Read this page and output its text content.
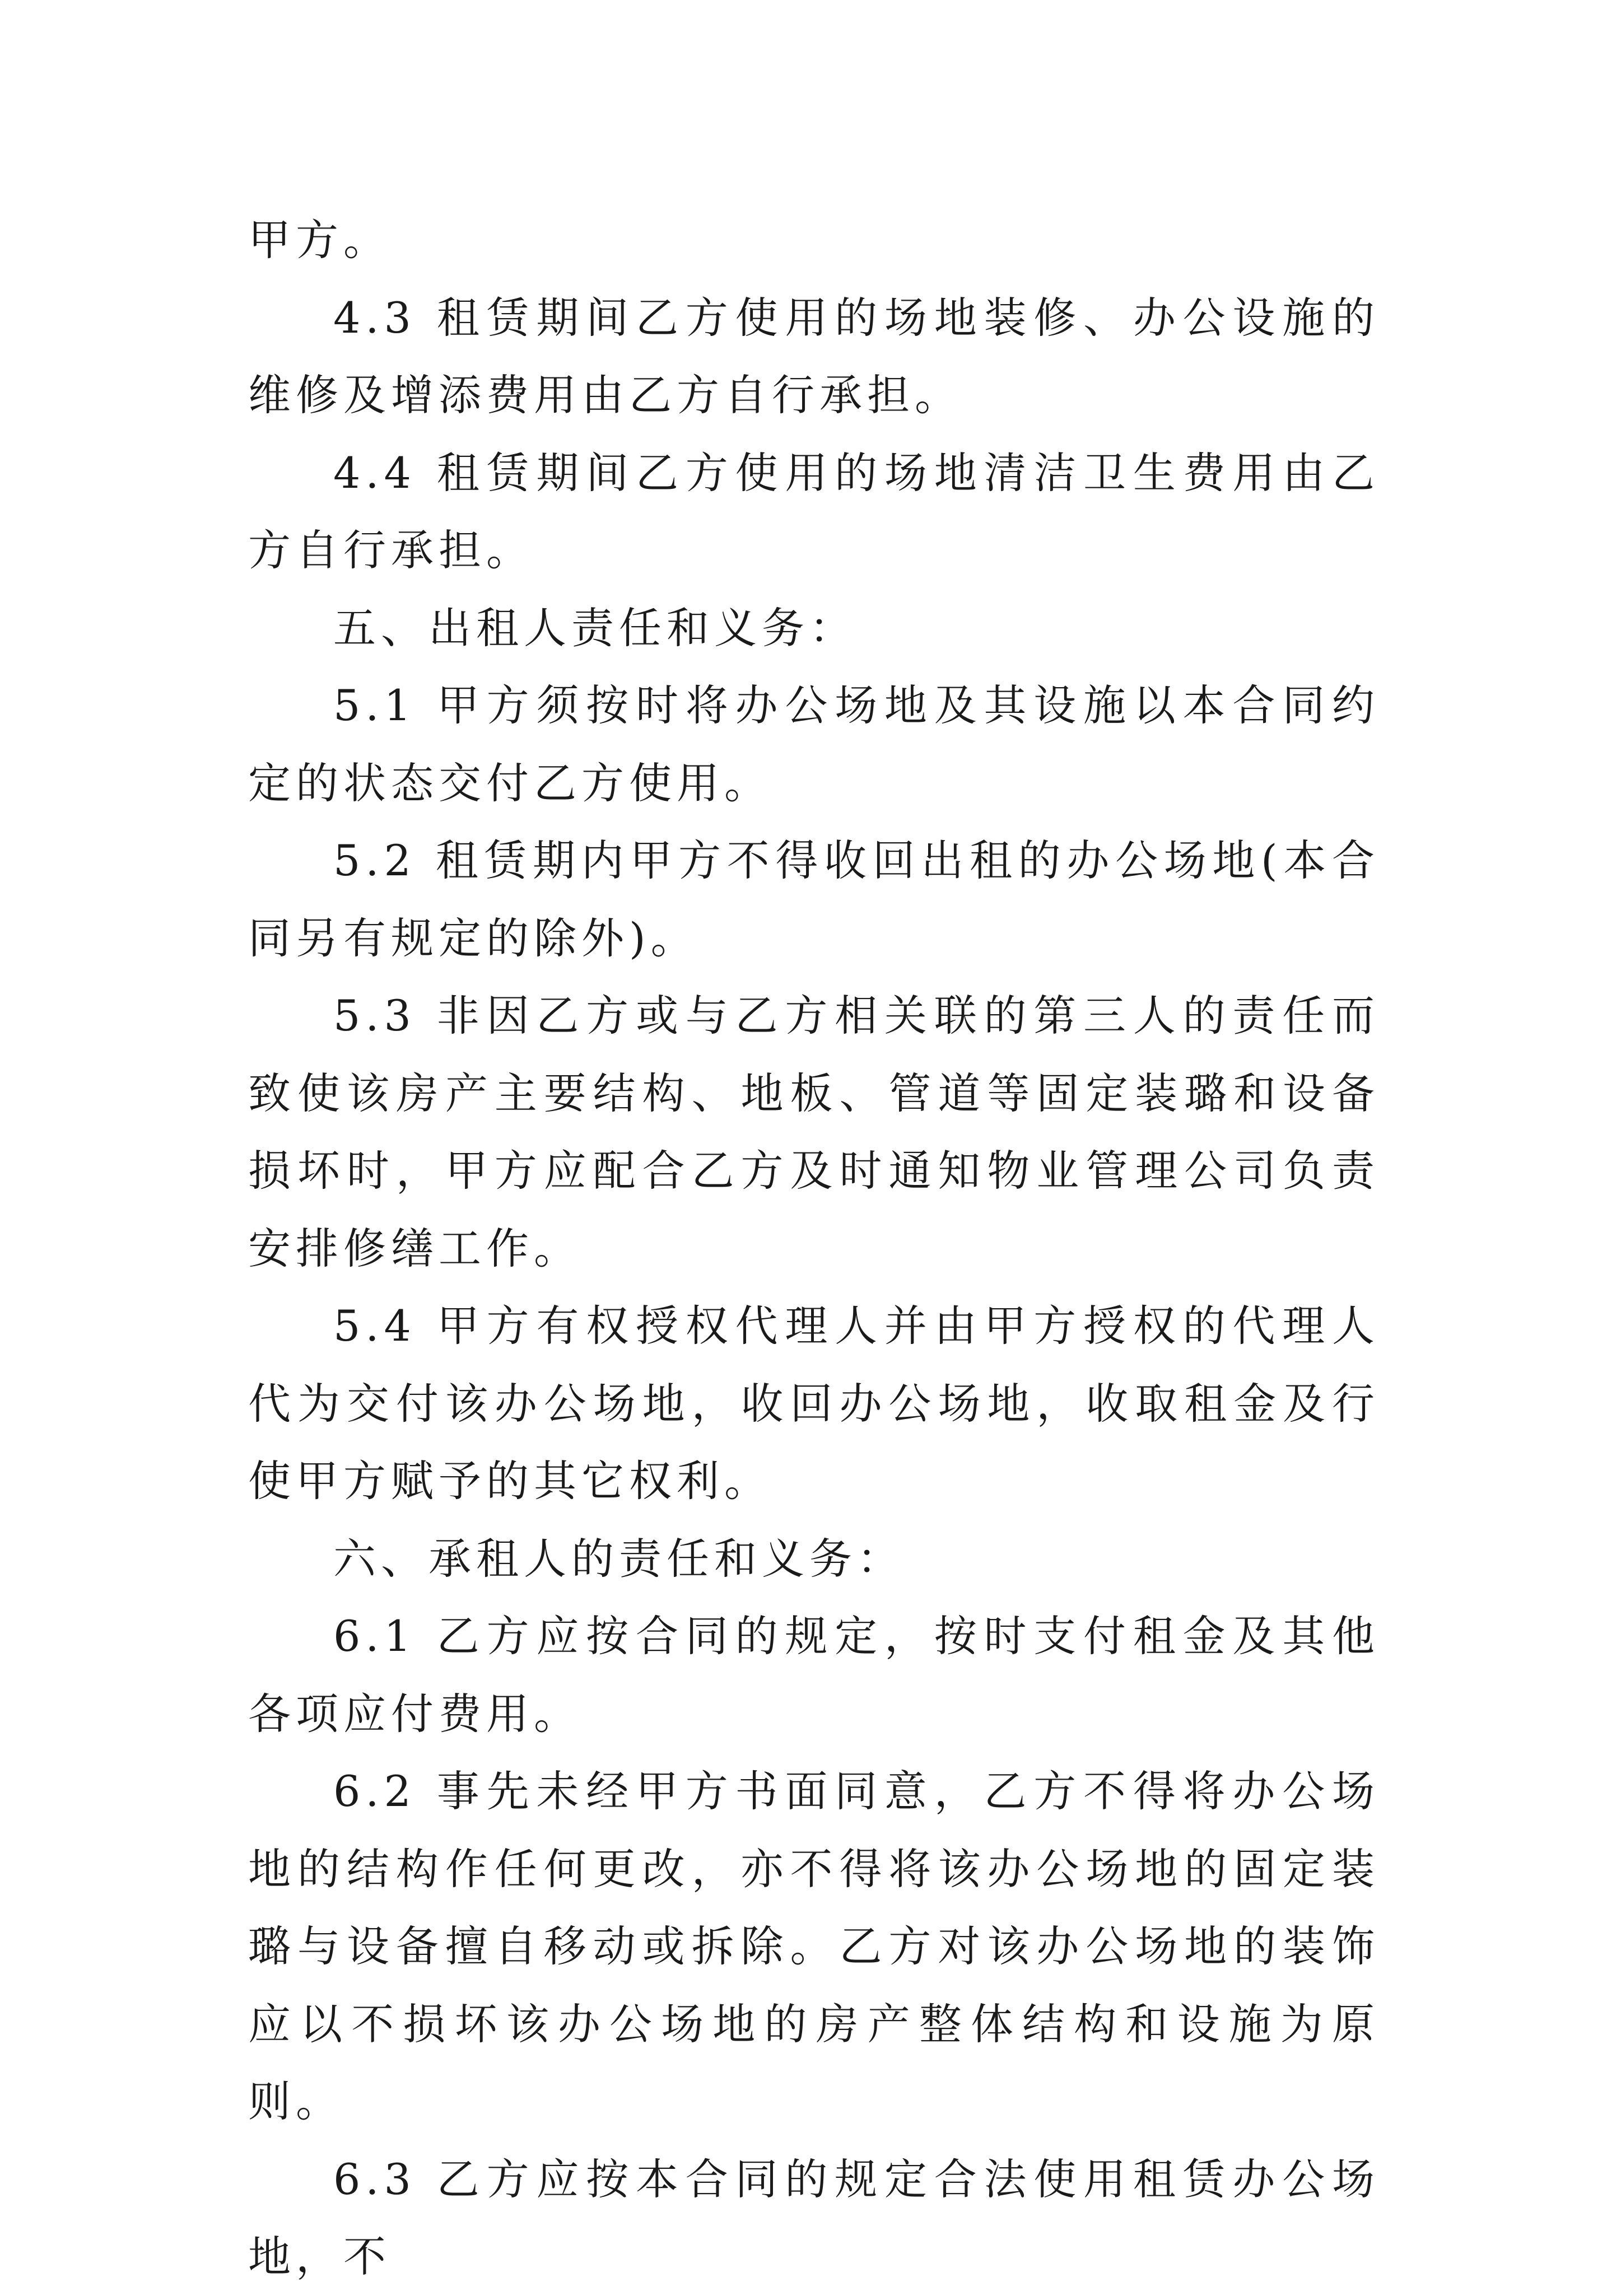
甲方。

4.3 租赁期间乙方使用的场地装修、办公设施的维修及增添费用由乙方自行承担。

4.4 租赁期间乙方使用的场地清洁卫生费用由乙方自行承担。

五、出租人责任和义务：

5.1 甲方须按时将办公场地及其设施以本合同约定的状态交付乙方使用。

5.2 租赁期内甲方不得收回出租的办公场地(本合同另有规定的除外)。

5.3 非因乙方或与乙方相关联的第三人的责任而致使该房产主要结构、地板、管道等固定装璐和设备损坏时，甲方应配合乙方及时通知物业管理公司负责安排修缮工作。

5.4 甲方有权授权代理人并由甲方授权的代理人代为交付该办公场地，收回办公场地，收取租金及行使甲方赋予的其它权利。

六、承租人的责任和义务：

6.1 乙方应按合同的规定，按时支付租金及其他各项应付费用。

6.2 事先未经甲方书面同意，乙方不得将办公场地的结构作任何更改，亦不得将该办公场地的固定装璐与设备擅自移动或拆除。乙方对该办公场地的装饰应以不损坏该办公场地的房产整体结构和设施为原则。

6.3 乙方应按本合同的规定合法使用租赁办公场地，不
